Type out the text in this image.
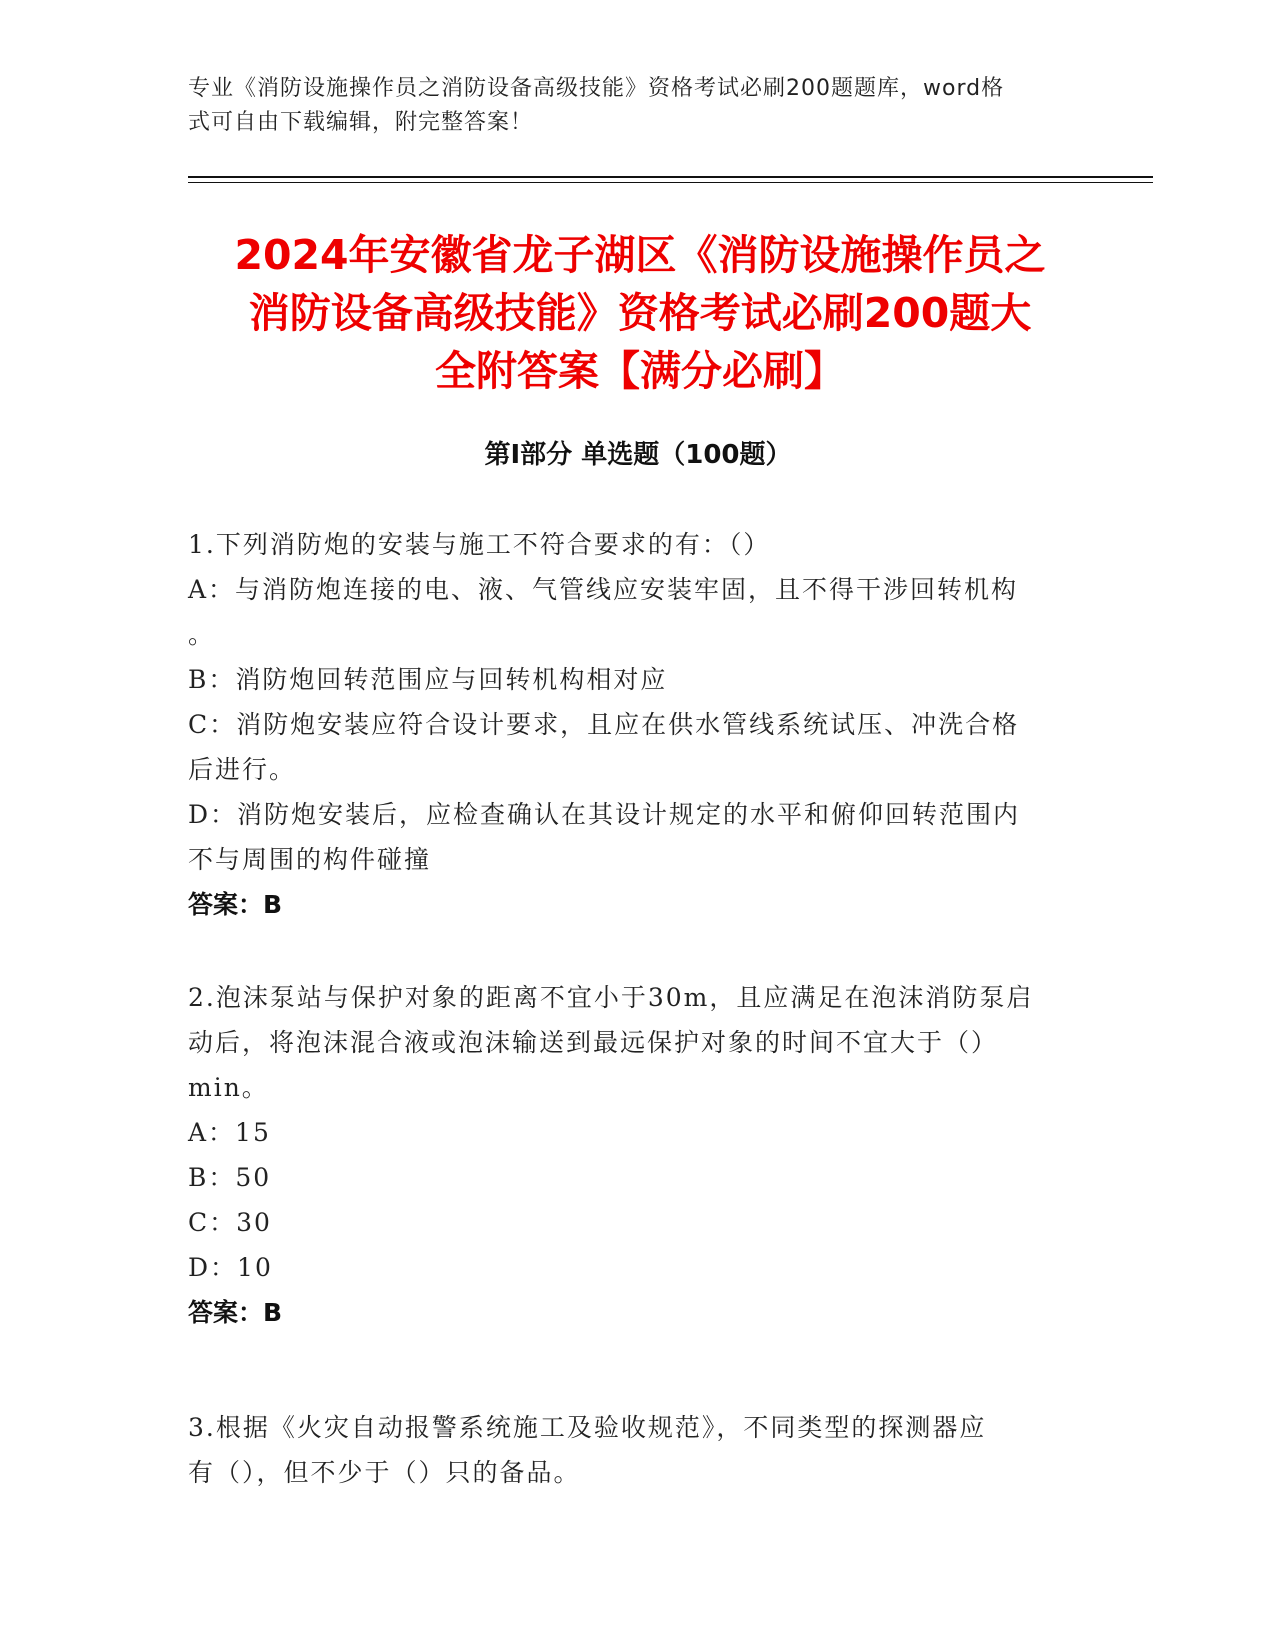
专业《消防设施操作员之消防设备高级技能》资格考试必刷200题题库，word格
式可自由下载编辑，附完整答案！
2024年安徽省龙子湖区《消防设施操作员之
消防设备高级技能》资格考试必刷200题大
全附答案【满分必刷】
第Ⅰ部分 单选题（100题）
1.下列消防炮的安装与施工不符合要求的有：（）
A：与消防炮连接的电、液、气管线应安装牢固，且不得干涉回转机构
。
B：消防炮回转范围应与回转机构相对应
C：消防炮安装应符合设计要求，且应在供水管线系统试压、冲洗合格
后进行。
D：消防炮安装后，应检查确认在其设计规定的水平和俯仰回转范围内
不与周围的构件碰撞
答案：B
2.泡沫泵站与保护对象的距离不宜小于30m，且应满足在泡沫消防泵启
动后，将泡沫混合液或泡沫输送到最远保护对象的时间不宜大于（）
min。
A：15
B：50
C：30
D：10
答案：B
3.根据《火灾自动报警系统施工及验收规范》，不同类型的探测器应
有（），但不少于（）只的备品。
